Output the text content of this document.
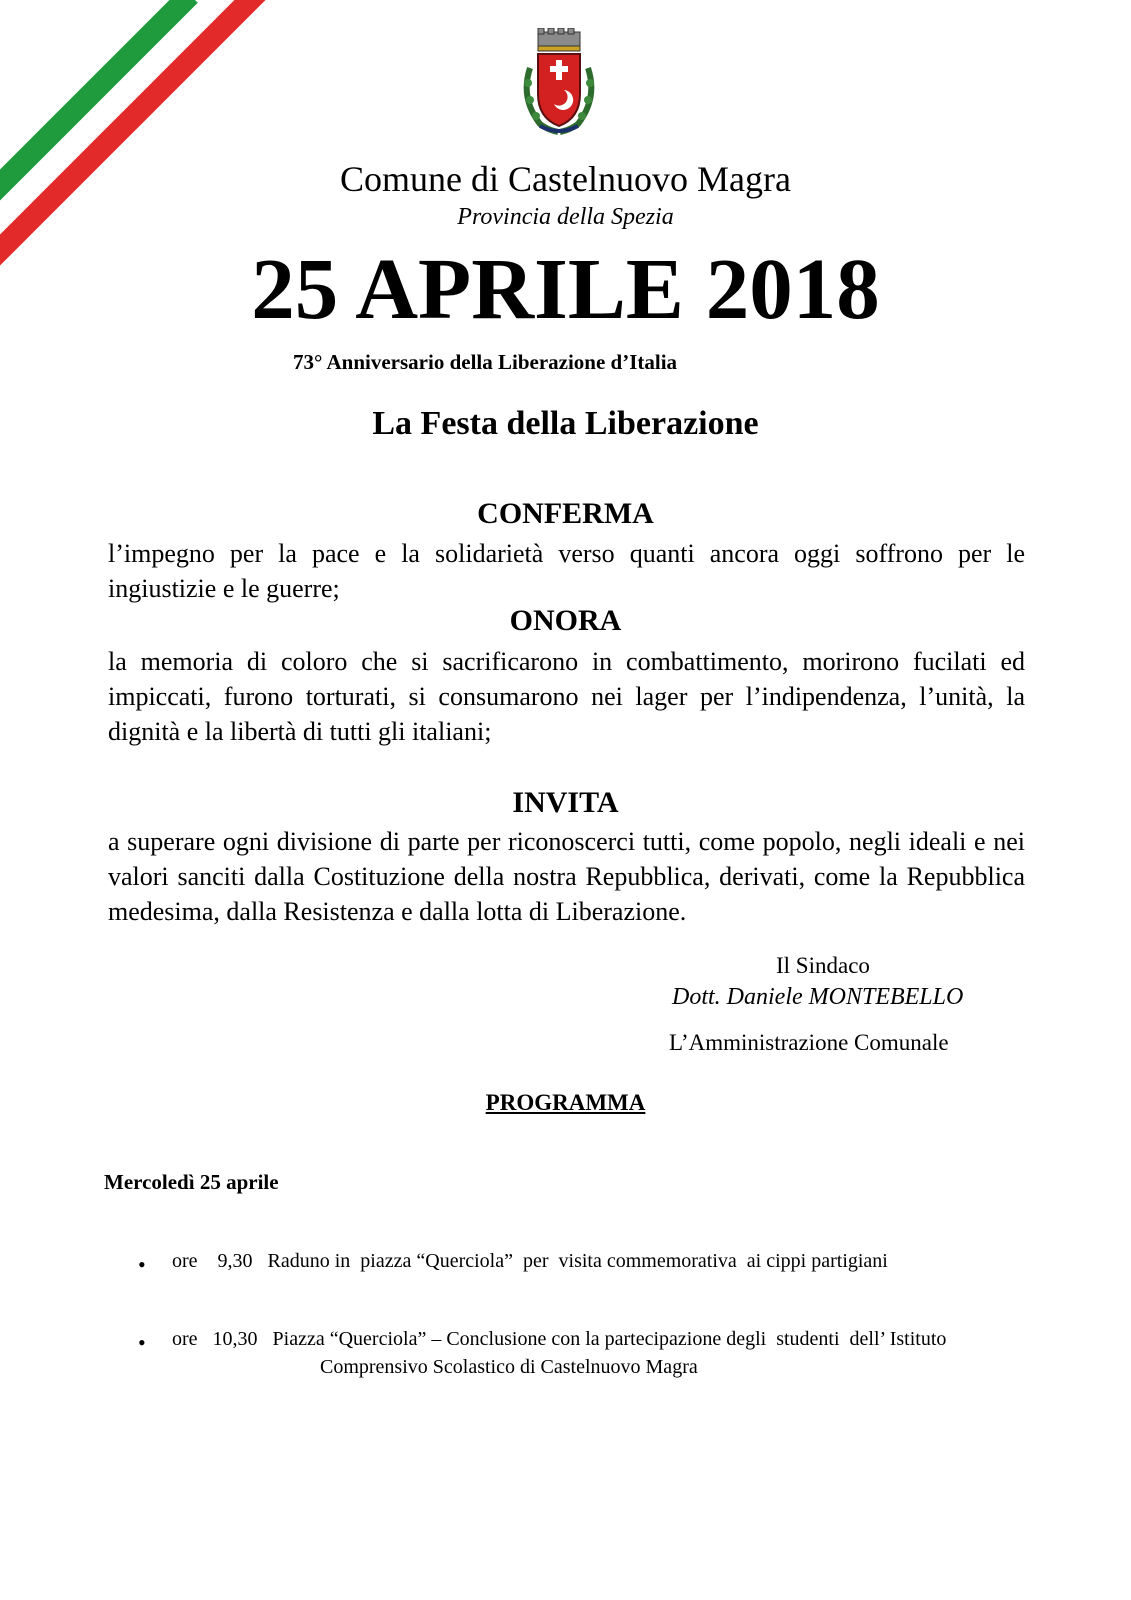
Comune di Castelnuovo Magra
Provincia della Spezia
25 APRILE 2018
73° Anniversario della Liberazione d’Italia
La Festa della Liberazione
CONFERMA
l’impegno per la pace e la solidarietà verso quanti ancora oggi soffrono per le ingiustizie e le guerre;
ONORA
la memoria di coloro che si sacrificarono in combattimento, morirono fucilati ed impiccati, furono torturati, si consumarono nei lager per l’indipendenza, l’unità, la dignità e la libertà di tutti gli italiani;
INVITA
a superare ogni divisione di parte per riconoscerci tutti, come popolo, negli ideali e nei valori sanciti dalla Costituzione della nostra Repubblica, derivati, come la Repubblica medesima, dalla Resistenza e dalla lotta di Liberazione.
Il Sindaco
Dott. Daniele MONTEBELLO
L’Amministrazione Comunale
PROGRAMMA
Mercoledì 25 aprile
• ore    9,30   Raduno in  piazza “Querciola”  per  visita commemorativa  ai cippi partigiani
• ore   10,30   Piazza “Querciola” – Conclusione con la partecipazione degli  studenti  dell’ Istituto
Comprensivo Scolastico di Castelnuovo Magra
